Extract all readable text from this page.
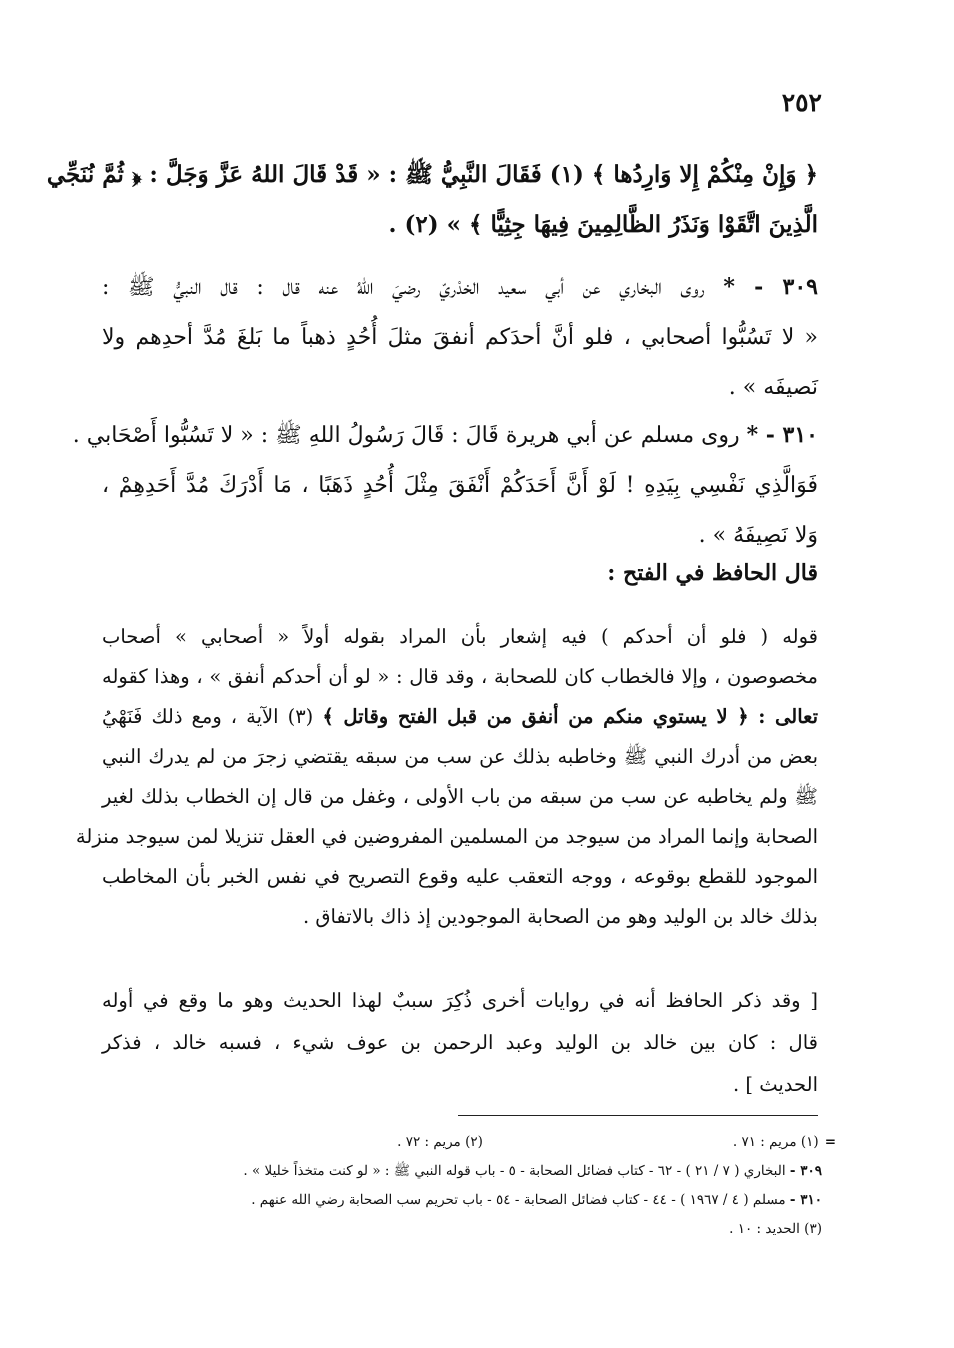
٢٥٢
﴿ وَإِنْ مِنْكُمْ إِلا وَارِدُها ﴾ (١) فَقَالَ النَّبِيُّ ﷺ : « قَدْ قَالَ اللهُ عَزَّ وَجَلَّ : ﴿ ثُمَّ نُنَجِّي
الَّذِينَ اتَّقَوْا وَنَذَرُ الظَّالِمِينَ فِيهَا جِثِيًّا ﴾ » (٢) .
٣٠٩ - * روى البخاري عن أبي سعيد الخدْريّ رضيَ اللهُ عنه قال : قال النبيُّ ﷺ :
« لا تَسُبُّوا أصحابي ، فلو أنَّ أحدَكم أنفقَ مثلَ أُحُدٍ ذهباً ما بَلغَ مُدَّ أحدِهم ولا
نَصيفَه » .
٣١٠ - * روى مسلم عن أبي هريرة قَالَ : قَالَ رَسُولُ اللهِ ﷺ : « لا تَسُبُّوا أَصْحَابي .
فَوَالَّذِي نَفْسِي بِيَدِهِ ! لَوْ أَنَّ أَحَدَكُمْ أَنْفَقَ مِثْلَ أُحُدٍ ذَهَبًا ، مَا أَدْرَكَ مُدَّ أَحَدِهِمْ ،
وَلا نَصِيفَهُ » .
قال الحافظ في الفتح :
قوله ( فلو أن أحدكم ) فيه إشعار بأن المراد بقوله أولاً « أصحابي » أصحاب
مخصوصون ، وإلا فالخطاب كان للصحابة ، وقد قال : « لو أن أحدكم أنفق » ، وهذا كقوله
تعالى : ﴿ لا يستوي منكم من أنفق من قبل الفتح وقاتل ﴾ (٣) الآية ، ومع ذلك فَنَهْيُ
بعض من أدرك النبي ﷺ وخاطبه بذلك عن سب من سبقه يقتضي زجرَ من لم يدرك النبي
ﷺ ولم يخاطبه عن سب من سبقه من باب الأولى ، وغفل من قال إن الخطاب بذلك لغير
الصحابة وإنما المراد من سيوجد من المسلمين المفروضين في العقل تنزيلا لمن سيوجد منزلة
الموجود للقطع بوقوعه ، ووجه التعقب عليه وقوع التصريح في نفس الخبر بأن المخاطب
بذلك خالد بن الوليد وهو من الصحابة الموجودين إذ ذاك بالاتفاق .
[ وقد ذكر الحافظ أنه في روايات أخرى ذُكِرَ سببٌ لهذا الحديث وهو ما وقع في أوله
قال : كان بين خالد بن الوليد وعبد الرحمن بن عوف شيء ، فسبه خالد ، فذكر
الحديث ] .
=(١) مريم : ٧١ .(٢) مريم : ٧٢ .
٣٠٩ - البخاري ( ٧ / ٢١ ) - ٦٢ - كتاب فضائل الصحابة - ٥ - باب قوله النبي ﷺ : « لو كنت متخذاً خليلا » .
٣١٠ - مسلم ( ٤ / ١٩٦٧ ) - ٤٤ - كتاب فضائل الصحابة - ٥٤ - باب تحريم سب الصحابة رضي الله عنهم .
(٣) الحديد : ١٠ .
